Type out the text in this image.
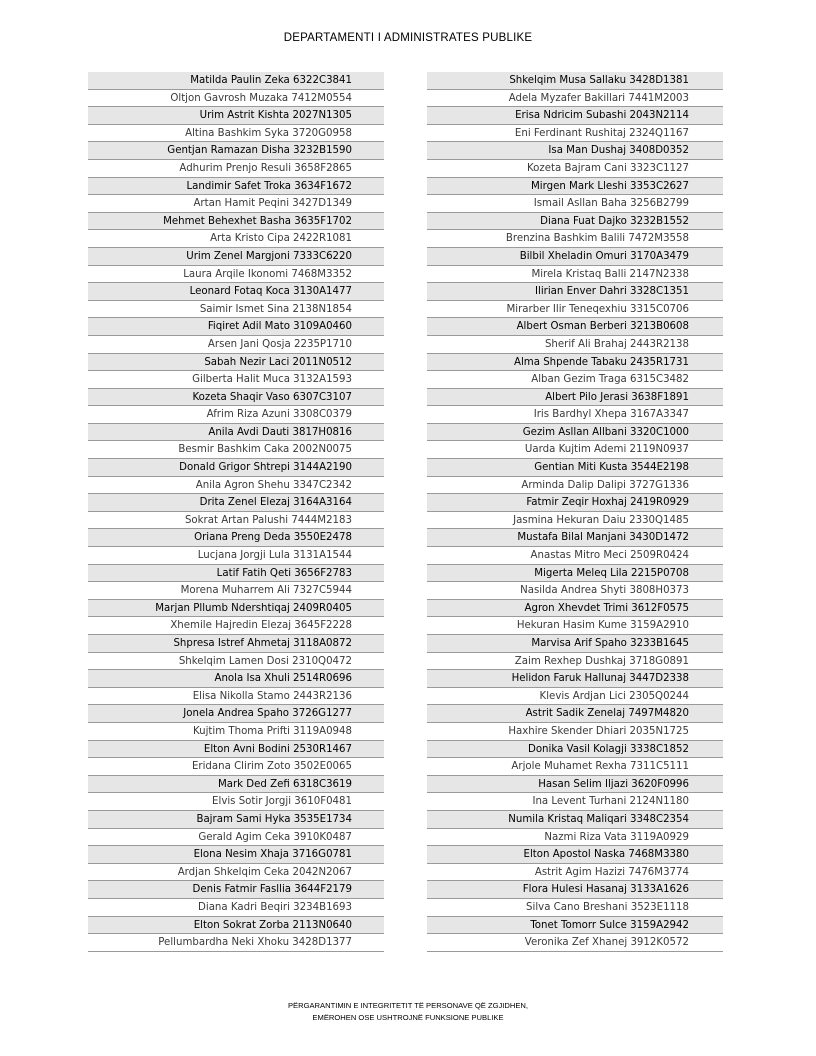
DEPARTAMENTI I ADMINISTRATES PUBLIKE
Matilda Paulin Zeka 6322C3841
Oltjon Gavrosh Muzaka 7412M0554
Urim Astrit Kishta 2027N1305
Altina Bashkim Syka 3720G0958
Gentjan Ramazan Disha 3232B1590
Adhurim Prenjo Resuli 3658F2865
Landimir Safet Troka 3634F1672
Artan Hamit Peqini 3427D1349
Mehmet Behexhet Basha 3635F1702
Arta Kristo Cipa 2422R1081
Urim Zenel Margjoni 7333C6220
Laura Arqile Ikonomi 7468M3352
Leonard Fotaq Koca 3130A1477
Saimir Ismet Sina 2138N1854
Fiqiret Adil Mato 3109A0460
Arsen Jani Qosja 2235P1710
Sabah Nezir Laci 2011N0512
Gilberta Halit Muca 3132A1593
Kozeta Shaqir Vaso 6307C3107
Afrim Riza Azuni 3308C0379
Anila Avdi Dauti 3817H0816
Besmir Bashkim Caka 2002N0075
Donald Grigor Shtrepi 3144A2190
Anila Agron Shehu 3347C2342
Drita Zenel Elezaj 3164A3164
Sokrat Artan Palushi 7444M2183
Oriana Preng Deda 3550E2478
Lucjana Jorgji Lula 3131A1544
Latif Fatih Qeti 3656F2783
Morena Muharrem Ali 7327C5944
Marjan Pllumb Ndershtiqaj 2409R0405
Xhemile Hajredin Elezaj 3645F2228
Shpresa Istref Ahmetaj 3118A0872
Shkelqim Lamen Dosi 2310Q0472
Anola Isa Xhuli 2514R0696
Elisa Nikolla Stamo 2443R2136
Jonela Andrea Spaho 3726G1277
Kujtim Thoma Prifti 3119A0948
Elton Avni Bodini 2530R1467
Eridana Clirim Zoto 3502E0065
Mark Ded Zefi 6318C3619
Elvis Sotir Jorgji 3610F0481
Bajram Sami Hyka 3535E1734
Gerald Agim Ceka 3910K0487
Elona Nesim Xhaja 3716G0781
Ardjan Shkelqim Ceka 2042N2067
Denis Fatmir Fasllia 3644F2179
Diana Kadri Beqiri 3234B1693
Elton Sokrat Zorba 2113N0640
Pellumbardha Neki Xhoku 3428D1377
Shkelqim Musa Sallaku 3428D1381
Adela Myzafer Bakillari 7441M2003
Erisa Ndricim Subashi 2043N2114
Eni Ferdinant Rushitaj 2324Q1167
Isa Man Dushaj 3408D0352
Kozeta Bajram Cani 3323C1127
Mirgen Mark Lleshi 3353C2627
Ismail Asllan Baha 3256B2799
Diana Fuat Dajko 3232B1552
Brenzina Bashkim Balili 7472M3558
Bilbil Xheladin Omuri 3170A3479
Mirela Kristaq Balli 2147N2338
Ilirian Enver Dahri 3328C1351
Mirarber Ilir Teneqexhiu 3315C0706
Albert Osman Berberi 3213B0608
Sherif Ali Brahaj 2443R2138
Alma Shpende Tabaku 2435R1731
Alban Gezim Traga 6315C3482
Albert Pilo Jerasi 3638F1891
Iris Bardhyl Xhepa 3167A3347
Gezim Asllan Allbani 3320C1000
Uarda Kujtim Ademi 2119N0937
Gentian Miti Kusta 3544E2198
Arminda Dalip Dalipi 3727G1336
Fatmir Zeqir Hoxhaj 2419R0929
Jasmina Hekuran Daiu 2330Q1485
Mustafa Bilal Manjani 3430D1472
Anastas Mitro Meci 2509R0424
Migerta Meleq Lila 2215P0708
Nasilda Andrea Shyti 3808H0373
Agron Xhevdet Trimi 3612F0575
Hekuran Hasim Kume 3159A2910
Marvisa Arif Spaho 3233B1645
Zaim Rexhep Dushkaj 3718G0891
Helidon Faruk Hallunaj 3447D2338
Klevis Ardjan Lici 2305Q0244
Astrit Sadik Zenelaj 7497M4820
Haxhire Skender Dhiari 2035N1725
Donika Vasil Kolagji 3338C1852
Arjole Muhamet Rexha 7311C5111
Hasan Selim Iljazi 3620F0996
Ina Levent Turhani 2124N1180
Numila Kristaq Maliqari 3348C2354
Nazmi Riza Vata 3119A0929
Elton Apostol Naska 7468M3380
Astrit Agim Hazizi 7476M3774
Flora Hulesi Hasanaj 3133A1626
Silva Cano Breshani 3523E1118
Tonet Tomorr Sulce 3159A2942
Veronika Zef Xhanej 3912K0572
PËRGARANTIMIN E INTEGRITETIT TË PERSONAVE QË ZGJIDHEN,
EMËROHEN OSE USHTROJNË FUNKSIONE PUBLIKE
